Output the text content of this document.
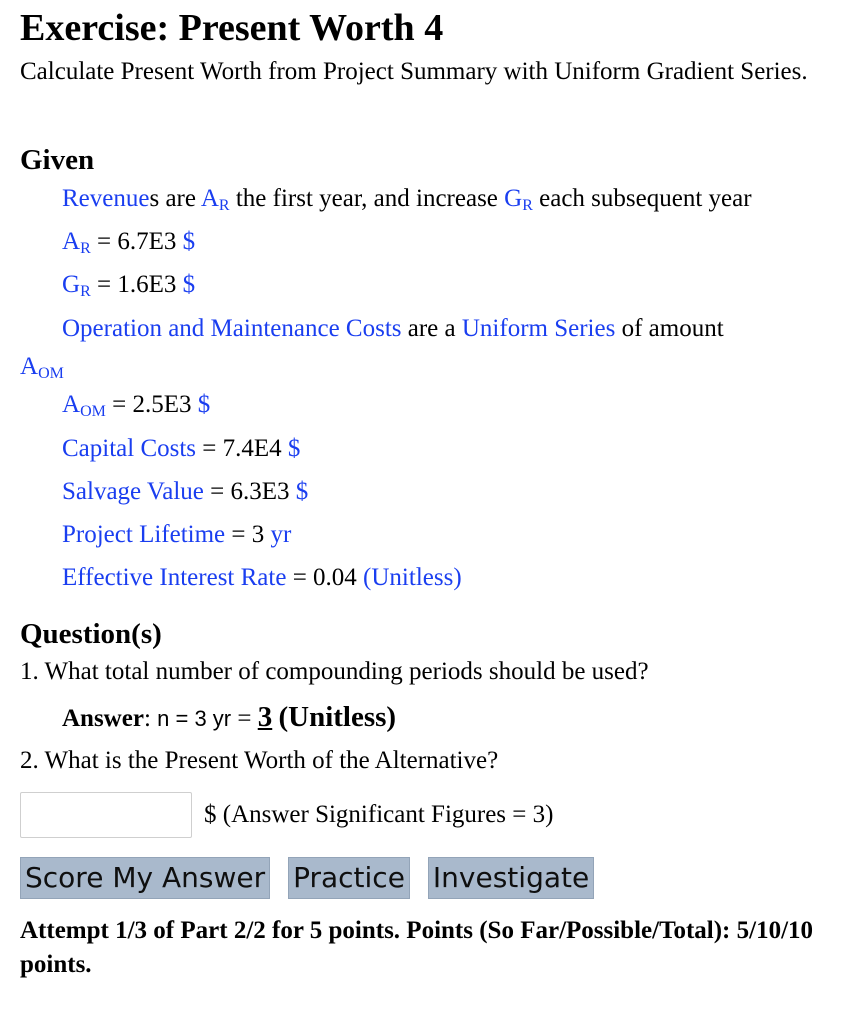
Exercise: Present Worth 4
Calculate Present Worth from Project Summary with Uniform Gradient Series.
Given
Revenues are $A_R$ the first year, and increase $G_R$ each subsequent year
$A_R = 6.7E3$ $
$G_R = 1.6E3$ $
Operation and Maintenance Costs are a Uniform Series of amount
$A_{OM}$
$A_{OM} = 2.5E3$ $
Capital Costs = 7.4E4 $
Salvage Value = 6.3E3 $
Project Lifetime = 3 yr
Effective Interest Rate = 0.04 (Unitless)
Question(s)
1. What total number of compounding periods should be used?
Answer: n = 3 yr = 3 (Unitless)
2. What is the Present Worth of the Alternative?
$ (Answer Significant Figures = 3)
Score My Answer Practice Investigate
Attempt 1/3 of Part 2/2 for 5 points. Points (So Far/Possible/Total): 5/10/10 points.
